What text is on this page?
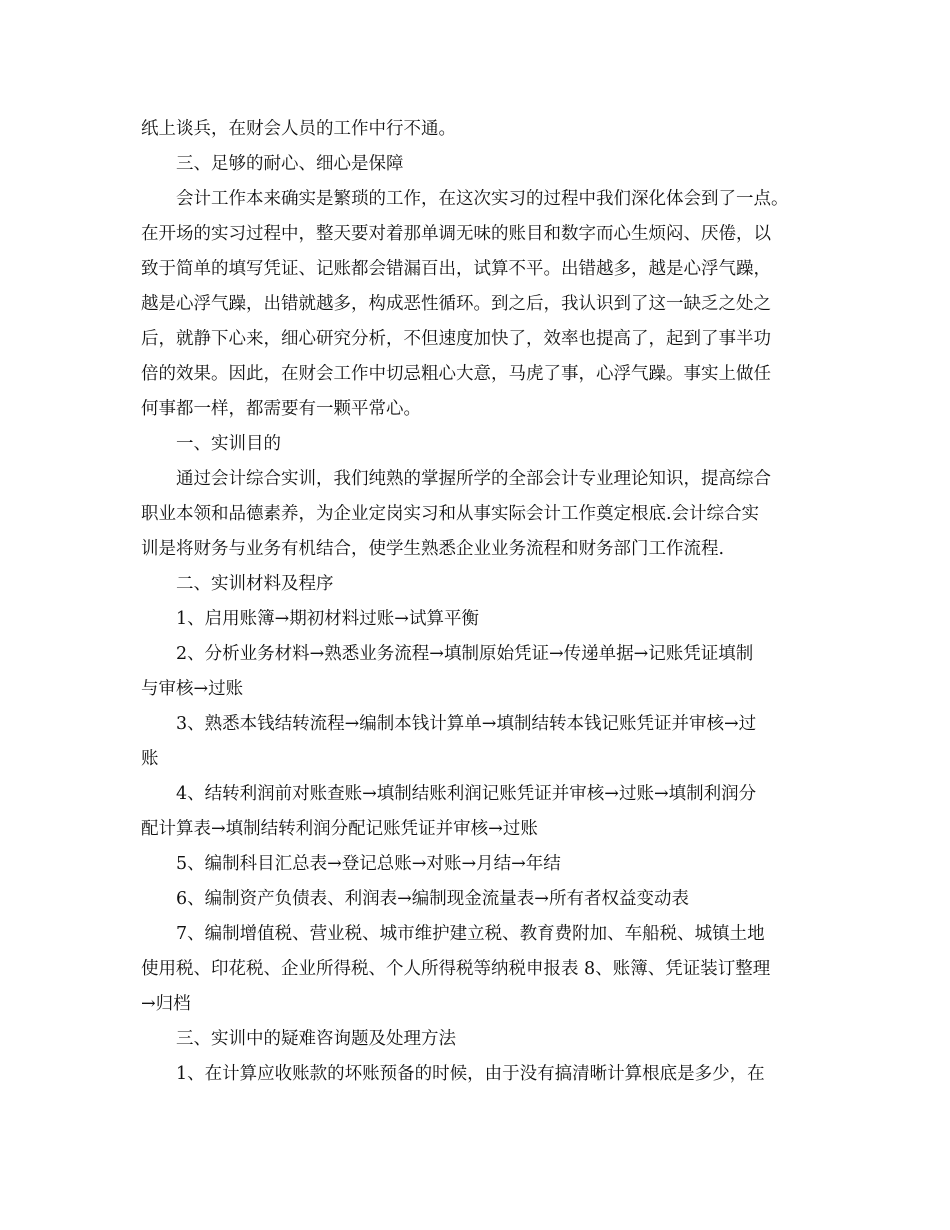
纸上谈兵，在财会人员的工作中行不通。
三、足够的耐心、细心是保障
会计工作本来确实是繁琐的工作，在这次实习的过程中我们深化体会到了一点。
在开场的实习过程中，整天要对着那单调无味的账目和数字而心生烦闷、厌倦，以
致于简单的填写凭证、记账都会错漏百出，试算不平。出错越多，越是心浮气躁，
越是心浮气躁，出错就越多，构成恶性循环。到之后，我认识到了这一缺乏之处之
后，就静下心来，细心研究分析，不但速度加快了，效率也提高了，起到了事半功
倍的效果。因此，在财会工作中切忌粗心大意，马虎了事，心浮气躁。事实上做任
何事都一样，都需要有一颗平常心。
一、实训目的
通过会计综合实训，我们纯熟的掌握所学的全部会计专业理论知识，提高综合
职业本领和品德素养，为企业定岗实习和从事实际会计工作奠定根底.会计综合实
训是将财务与业务有机结合，使学生熟悉企业业务流程和财务部门工作流程.
二、实训材料及程序
1、启用账簿→期初材料过账→试算平衡
2、分析业务材料→熟悉业务流程→填制原始凭证→传递单据→记账凭证填制
与审核→过账
3、熟悉本钱结转流程→编制本钱计算单→填制结转本钱记账凭证并审核→过
账
4、结转利润前对账查账→填制结账利润记账凭证并审核→过账→填制利润分
配计算表→填制结转利润分配记账凭证并审核→过账
5、编制科目汇总表→登记总账→对账→月结→年结
6、编制资产负债表、利润表→编制现金流量表→所有者权益变动表
7、编制增值税、营业税、城市维护建立税、教育费附加、车船税、城镇土地
使用税、印花税、企业所得税、个人所得税等纳税申报表 8、账簿、凭证装订整理
→归档
三、实训中的疑难咨询题及处理方法
1、在计算应收账款的坏账预备的时候，由于没有搞清晰计算根底是多少，在
